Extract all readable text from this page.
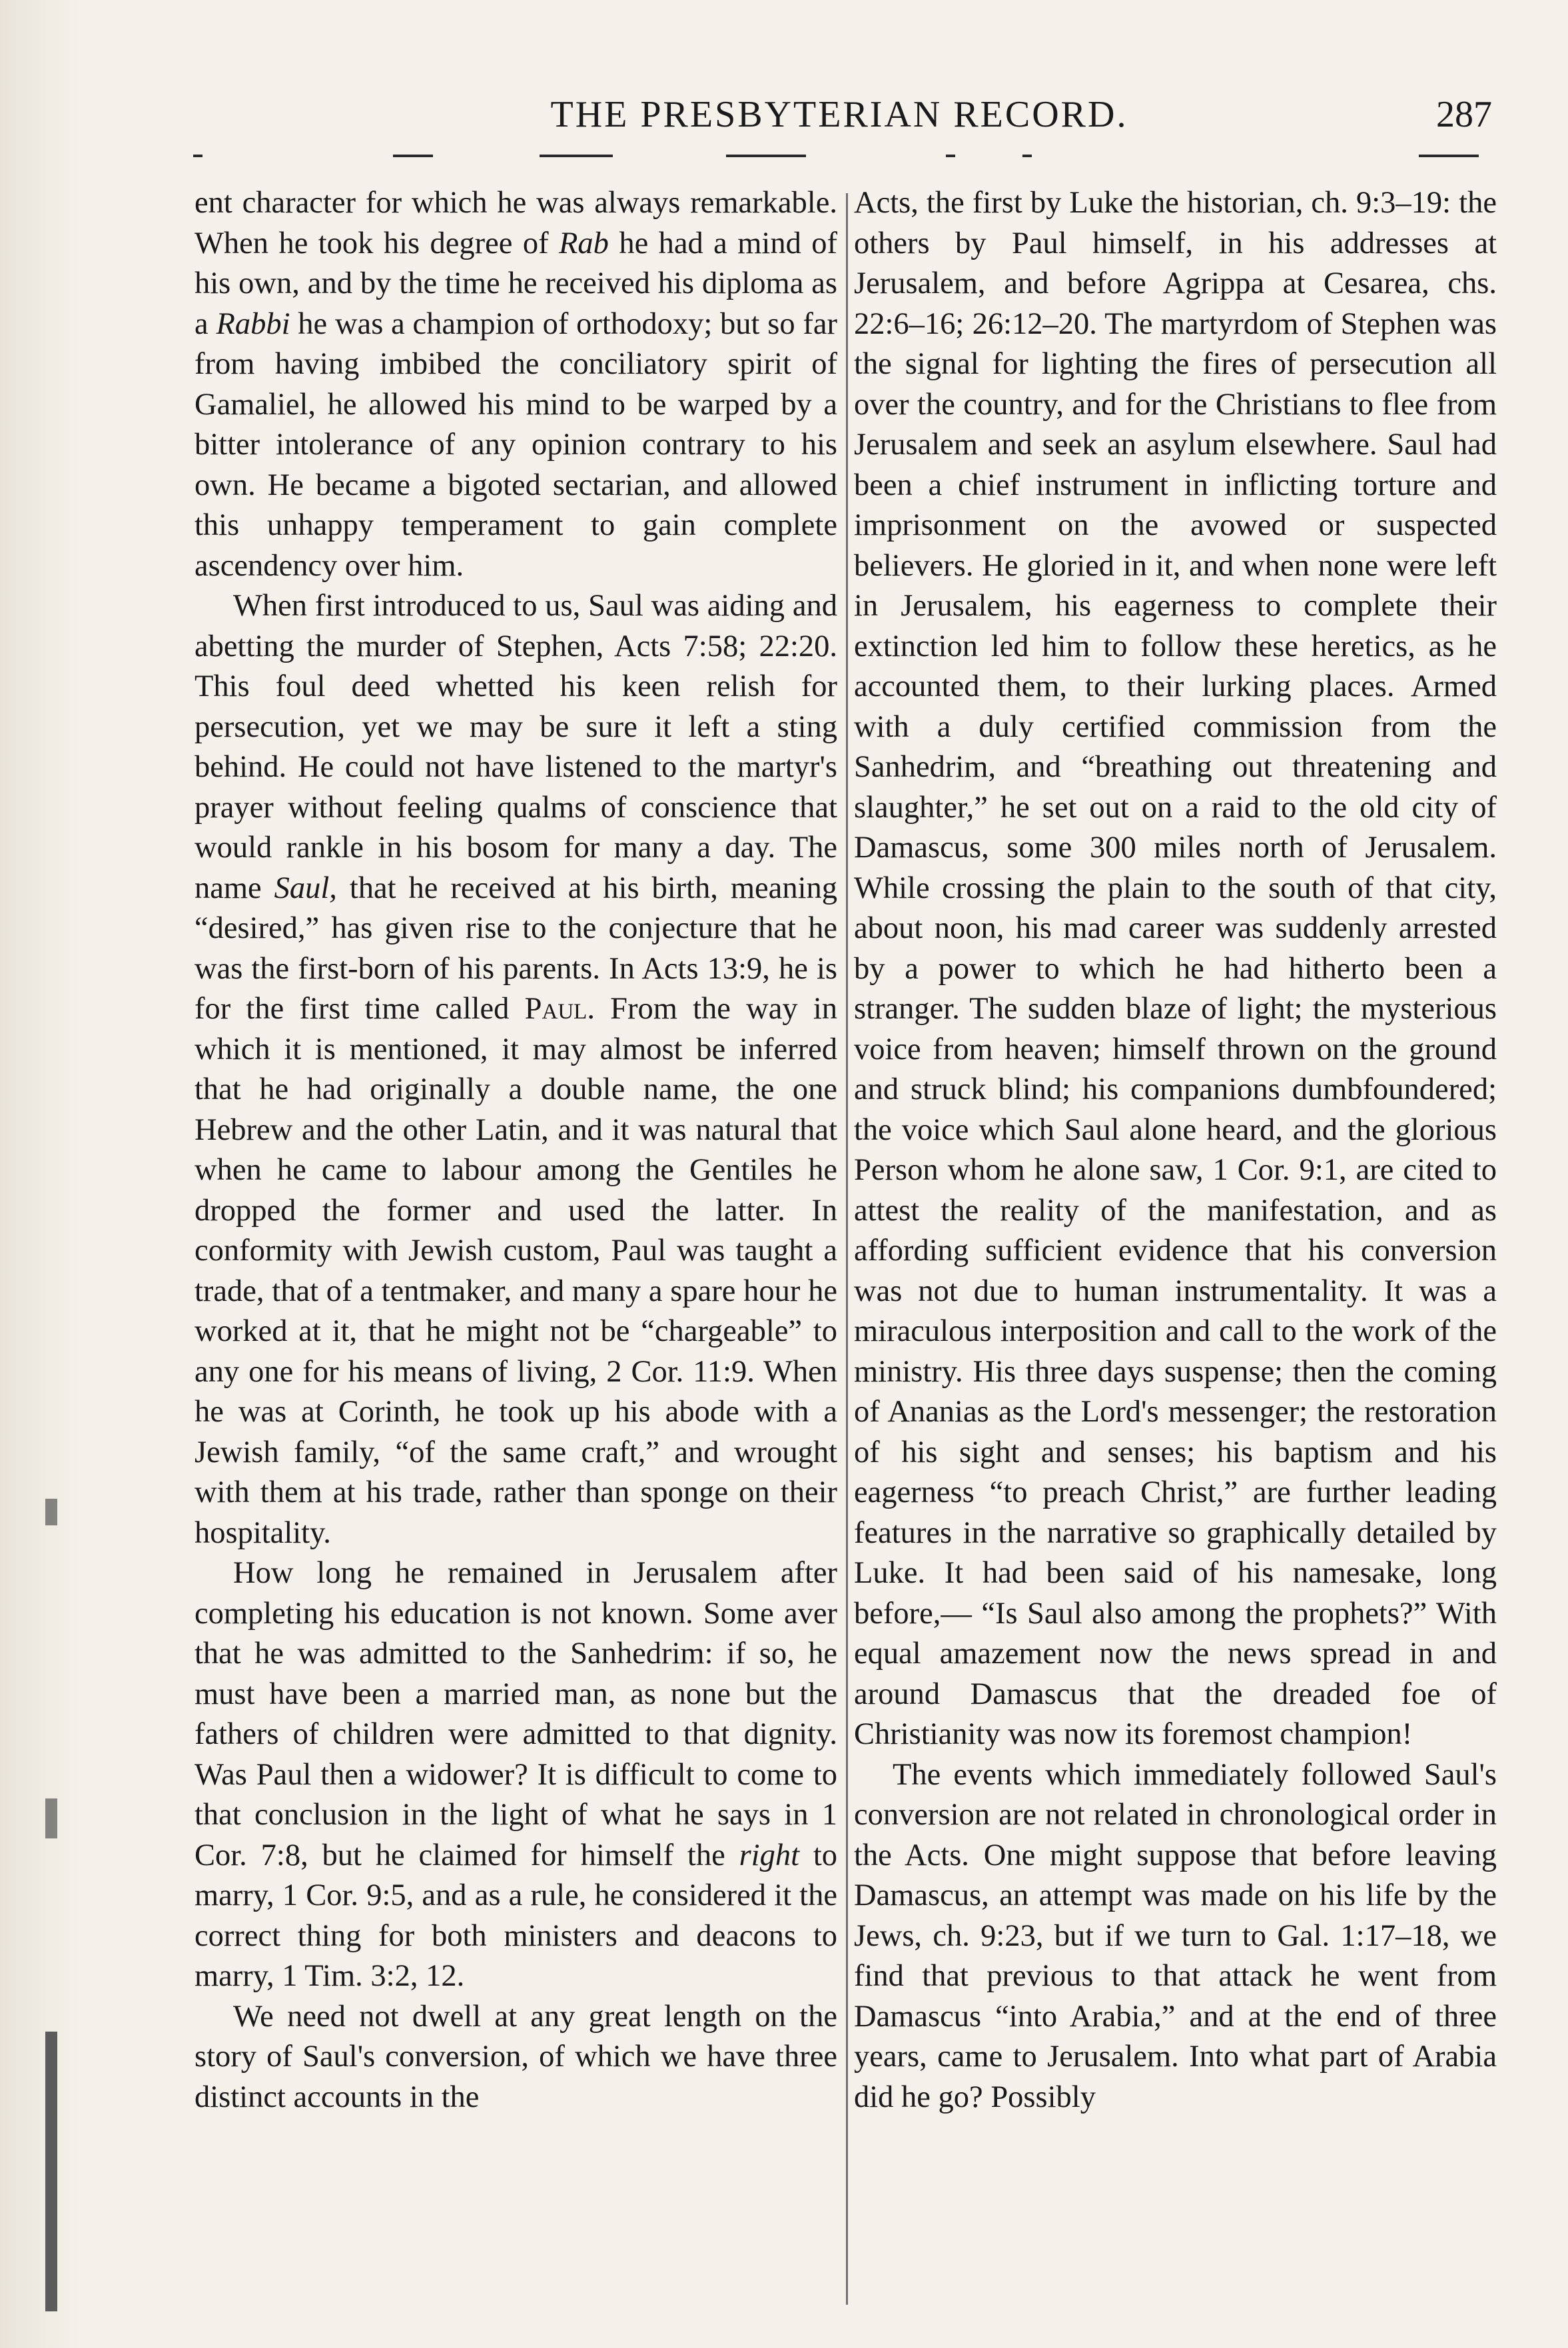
THE PRESBYTERIAN RECORD.	287

ent character for which he was always remarkable. When he took his degree of Rab he had a mind of his own, and by the time he received his diploma as a Rabbi he was a champion of orthodoxy; but so far from having imbibed the conciliatory spirit of Gamaliel, he allowed his mind to be warped by a bitter intolerance of any opinion contrary to his own. He became a bigoted sectarian, and allowed this unhappy temperament to gain complete ascendency over him.

When first introduced to us, Saul was aiding and abetting the murder of Stephen, Acts 7:58; 22:20. This foul deed whetted his keen relish for persecution, yet we may be sure it left a sting behind. He could not have listened to the martyr's prayer without feeling qualms of conscience that would rankle in his bosom for many a day. The name Saul, that he received at his birth, meaning “desired,” has given rise to the conjecture that he was the first-born of his parents. In Acts 13:9, he is for the first time called Paul. From the way in which it is mentioned, it may almost be inferred that he had originally a double name, the one Hebrew and the other Latin, and it was natural that when he came to labour among the Gentiles he dropped the former and used the latter. In conformity with Jewish custom, Paul was taught a trade, that of a tentmaker, and many a spare hour he worked at it, that he might not be “chargeable” to any one for his means of living, 2 Cor. 11:9. When he was at Corinth, he took up his abode with a Jewish family, “of the same craft,” and wrought with them at his trade, rather than sponge on their hospitality.

How long he remained in Jerusalem after completing his education is not known. Some aver that he was admitted to the Sanhedrim: if so, he must have been a married man, as none but the fathers of children were admitted to that dignity. Was Paul then a widower? It is difficult to come to that conclusion in the light of what he says in 1 Cor. 7:8, but he claimed for himself the right to marry, 1 Cor. 9:5, and as a rule, he considered it the correct thing for both ministers and deacons to marry, 1 Tim. 3:2, 12.

We need not dwell at any great length on the story of Saul's conversion, of which we have three distinct accounts in the

Acts, the first by Luke the historian, ch. 9:3–19: the others by Paul himself, in his addresses at Jerusalem, and before Agrippa at Cesarea, chs. 22:6–16; 26:12–20. The martyrdom of Stephen was the signal for lighting the fires of persecution all over the country, and for the Christians to flee from Jerusalem and seek an asylum elsewhere. Saul had been a chief instrument in inflicting torture and imprisonment on the avowed or suspected believers. He gloried in it, and when none were left in Jerusalem, his eagerness to complete their extinction led him to follow these heretics, as he accounted them, to their lurking places. Armed with a duly certified commission from the Sanhedrim, and “breathing out threatening and slaughter,” he set out on a raid to the old city of Damascus, some 300 miles north of Jerusalem. While crossing the plain to the south of that city, about noon, his mad career was suddenly arrested by a power to which he had hitherto been a stranger. The sudden blaze of light; the mysterious voice from heaven; himself thrown on the ground and struck blind; his companions dumbfoundered; the voice which Saul alone heard, and the glorious Person whom he alone saw, 1 Cor. 9:1, are cited to attest the reality of the manifestation, and as affording sufficient evidence that his conversion was not due to human instrumentality. It was a miraculous interposition and call to the work of the ministry. His three days suspense; then the coming of Ananias as the Lord's messenger; the restoration of his sight and senses; his baptism and his eagerness “to preach Christ,” are further leading features in the narrative so graphically detailed by Luke. It had been said of his namesake, long before,— “Is Saul also among the prophets?” With equal amazement now the news spread in and around Damascus that the dreaded foe of Christianity was now its foremost champion!

The events which immediately followed Saul's conversion are not related in chronological order in the Acts. One might suppose that before leaving Damascus, an attempt was made on his life by the Jews, ch. 9:23, but if we turn to Gal. 1:17–18, we find that previous to that attack he went from Damascus “into Arabia,” and at the end of three years, came to Jerusalem. Into what part of Arabia did he go? Possibly
